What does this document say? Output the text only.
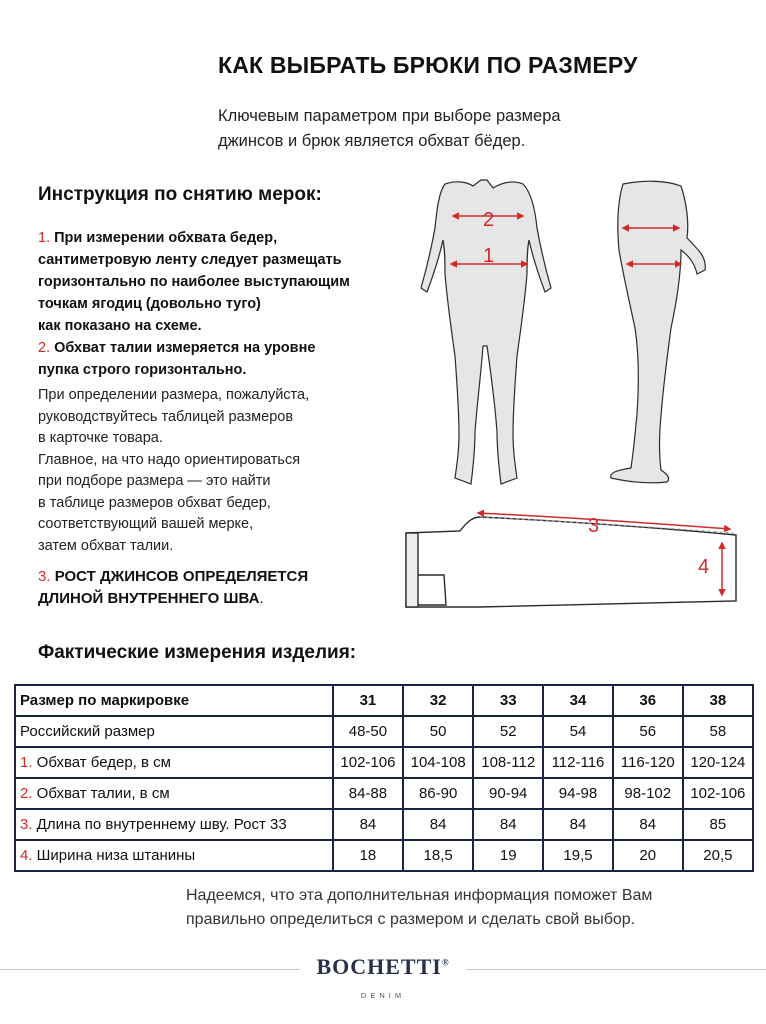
КАК ВЫБРАТЬ БРЮКИ ПО РАЗМЕРУ
Ключевым параметром при выборе размера
джинсов и брюк является обхват бёдер.
Инструкция по снятию мерок:
1. При измерении обхвата бедер,
сантиметровую ленту следует размещать
горизонтально по наиболее выступающим
точкам ягодиц (довольно туго)
как показано на схеме.
2. Обхват талии измеряется на уровне
пупка строго горизонтально.
При определении размера, пожалуйста,
руководствуйтесь таблицей размеров
в карточке товара.
Главное, на что надо ориентироваться
при подборе размера — это найти
в таблице размеров обхват бедер,
соответствующий вашей мерке,
затем обхват талии.
3. РОСТ ДЖИНСОВ ОПРЕДЕЛЯЕТСЯ
ДЛИНОЙ ВНУТРЕННЕГО ШВА.
2
1
3
4
Фактические измерения изделия:
Размер по маркировке	31	32	33	34	36	38
Российский размер	48-50	50	52	54	56	58
1. Обхват бедер, в см	102-106	104-108	108-112	112-116	116-120	120-124
2. Обхват талии, в см	84-88	86-90	90-94	94-98	98-102	102-106
3. Длина по внутреннему шву. Рост 33	84	84	84	84	84	85
4. Ширина низа штанины	18	18,5	19	19,5	20	20,5
Надеемся, что эта дополнительная информация поможет Вам
правильно определиться с размером и сделать свой выбор.
BOCHETTI®
DENIM
